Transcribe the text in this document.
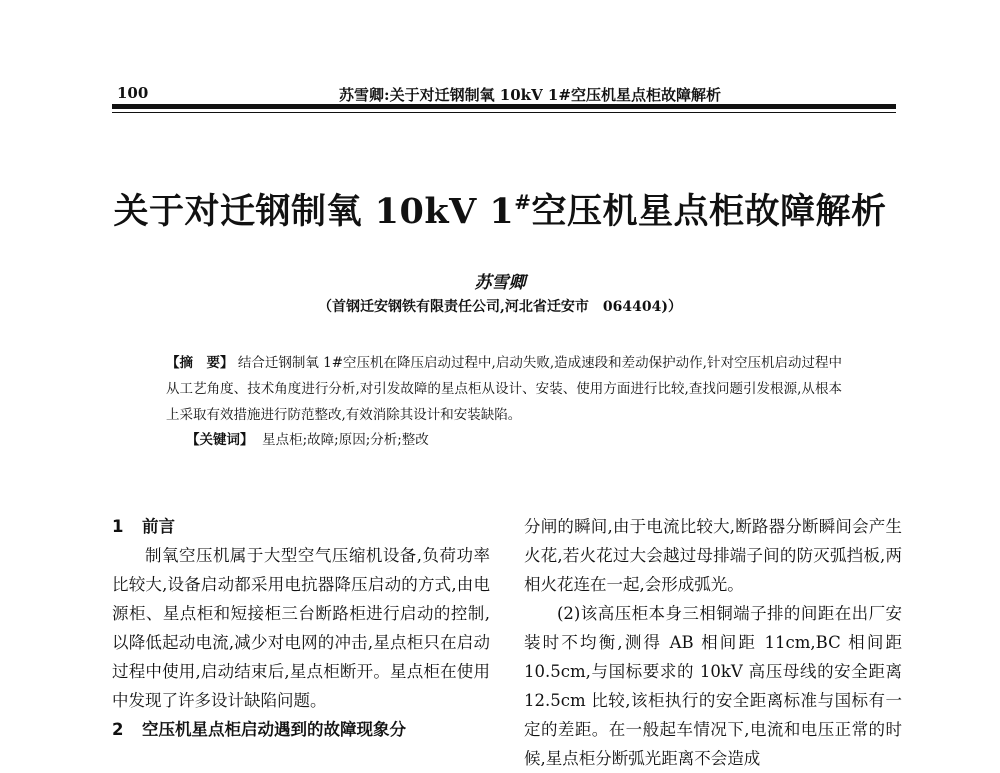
100	苏雪卿:关于对迁钢制氧 10kV 1#空压机星点柜故障解析
关于对迁钢制氧 10kV 1#空压机星点柜故障解析
苏雪卿
（首钢迁安钢铁有限责任公司,河北省迁安市　064404)）

【摘　要】 结合迁钢制氧 1#空压机在降压启动过程中,启动失败,造成速段和差动保护动作,针对空压机启动过程中从工艺角度、技术角度进行分析,对引发故障的星点柜从设计、安装、使用方面进行比较,查找问题引发根源,从根本上采取有效措施进行防范整改,有效消除其设计和安装缺陷。

【关键词】 星点柜;故障;原因;分析;整改

1 前言

制氧空压机属于大型空气压缩机设备,负荷功率比较大,设备启动都采用电抗器降压启动的方式,由电源柜、星点柜和短接柜三台断路柜进行启动的控制,以降低起动电流,减少对电网的冲击,星点柜只在启动过程中使用,启动结束后,星点柜断开。星点柜在使用中发现了许多设计缺陷问题。

2 空压机星点柜启动遇到的故障现象分

分闸的瞬间,由于电流比较大,断路器分断瞬间会产生火花,若火花过大会越过母排端子间的防灭弧挡板,两相火花连在一起,会形成弧光。

(2)该高压柜本身三相铜端子排的间距在出厂安装时不均衡,测得 AB 相间距 11cm,BC 相间距 10.5cm,与国标要求的 10kV 高压母线的安全距离 12.5cm 比较,该柜执行的安全距离标准与国标有一定的差距。在一般起车情况下,电流和电压正常的时候,星点柜分断弧光距离不会造成
